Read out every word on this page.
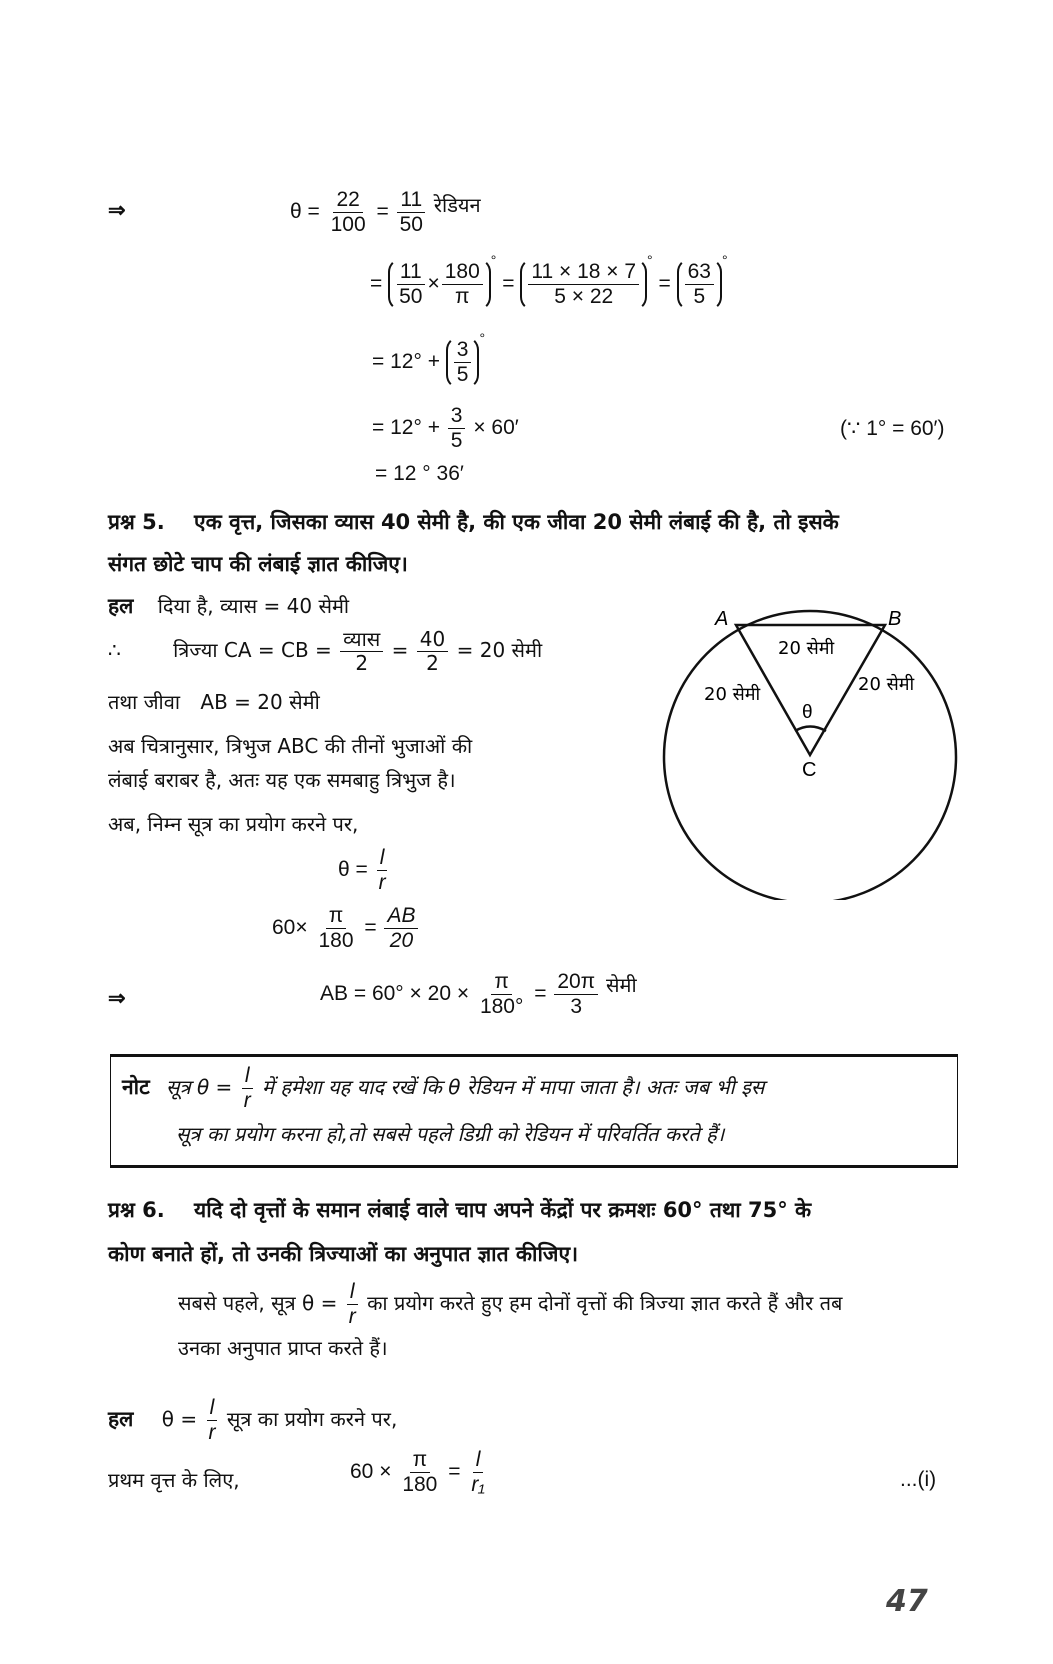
⇒	$\theta = \frac{22}{100} = \frac{11}{50}$ रेडियन
= $\frac{11}{50} \times \frac{180}{\pi} ^\circ = \frac{11 \times 18 \times 7}{5 \times 22} ^\circ = \frac{63}{5} ^\circ$
= $12^\circ + \frac{3}{5} ^\circ$
= $12^\circ + \frac{3}{5} \times 60'$	(∵ 1° = 60′)
= 12 ° 36′
प्रश्न 5. एक वृत्त, जिसका व्यास 40 सेमी है, की एक जीवा 20 सेमी लंबाई की है, तो इसके
संगत छोटे चाप की लंबाई ज्ञात कीजिए।
हल दिया है, व्यास = 40 सेमी
∴	त्रिज्या CA = CB = $\frac{\text{व्यास}}{2} = \frac{40}{2} = 20$ सेमी
तथा जीवा AB = 20 सेमी
अब चित्रानुसार, त्रिभुज ABC की तीनों भुजाओं की
लंबाई बराबर है, अतः यह एक समबाहु त्रिभुज है।
अब, निम्न सूत्र का प्रयोग करने पर,
$\theta = \frac{l}{r}$
$60\times \frac{\pi}{180} = \frac{AB}{20}$
⇒	AB = $60^\circ \times 20 \times \frac{\pi}{180^\circ} = \frac{20\pi}{3}$ सेमी
A	B
C
θ
20 सेमी
20 सेमी	20 सेमी
नोट सूत्र $\theta = \frac{l}{r}$ में हमेशा यह याद रखें कि θ रेडियन में मापा जाता है। अतः जब भी इस
सूत्र का प्रयोग करना हो,तो सबसे पहले डिग्री को रेडियन में परिवर्तित करते हैं।
प्रश्न 6. यदि दो वृत्तों के समान लंबाई वाले चाप अपने केंद्रों पर क्रमशः 60° तथा 75° के
कोण बनाते हों, तो उनकी त्रिज्याओं का अनुपात ज्ञात कीजिए।
सबसे पहले, सूत्र $\theta = \frac{l}{r}$ का प्रयोग करते हुए हम दोनों वृत्तों की त्रिज्या ज्ञात करते हैं और तब
उनका अनुपात प्राप्त करते हैं।
हल $\theta = \frac{l}{r}$ सूत्र का प्रयोग करने पर,
प्रथम वृत्त के लिए,	$60 \times \frac{\pi}{180} = \frac{l}{\text{r₁}}$	...(i)
47
